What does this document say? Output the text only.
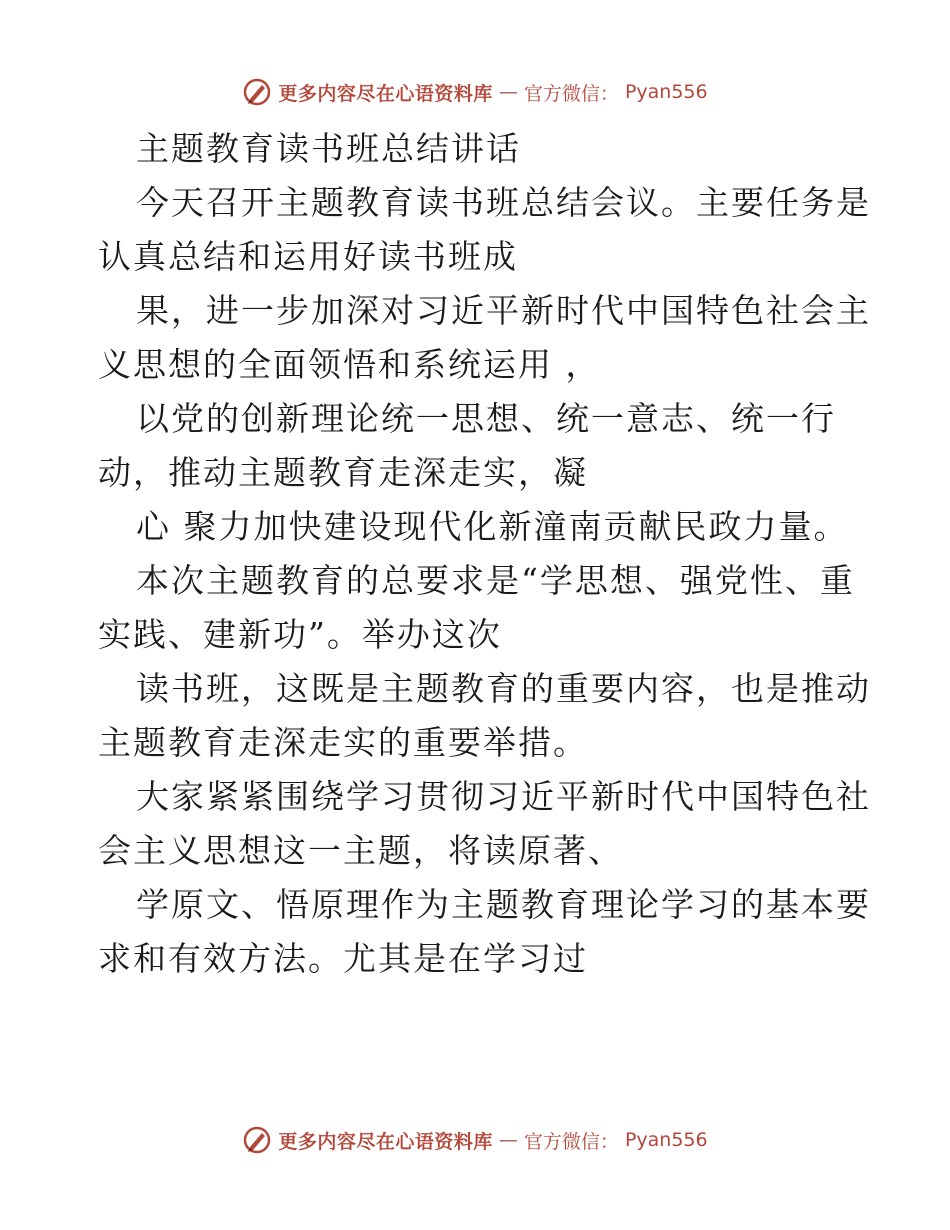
更多内容尽在心语资料库 — 官方微信： Pyan556
主题教育读书班总结讲话
今天召开主题教育读书班总结会议。主要任务是
认真总结和运用好读书班成
果，进一步加深对习近平新时代中国特色社会主
义思想的全面领悟和系统运用 ，
以党的创新理论统一思想、统一意志、统一行
动，推动主题教育走深走实，凝
心 聚力加快建设现代化新潼南贡献民政力量。
本次主题教育的总要求是“学思想、强党性、重
实践、建新功”。举办这次
读书班，这既是主题教育的重要内容，也是推动
主题教育走深走实的重要举措。
大家紧紧围绕学习贯彻习近平新时代中国特色社
会主义思想这一主题，将读原著、
学原文、悟原理作为主题教育理论学习的基本要
求和有效方法。尤其是在学习过
更多内容尽在心语资料库 — 官方微信： Pyan556
